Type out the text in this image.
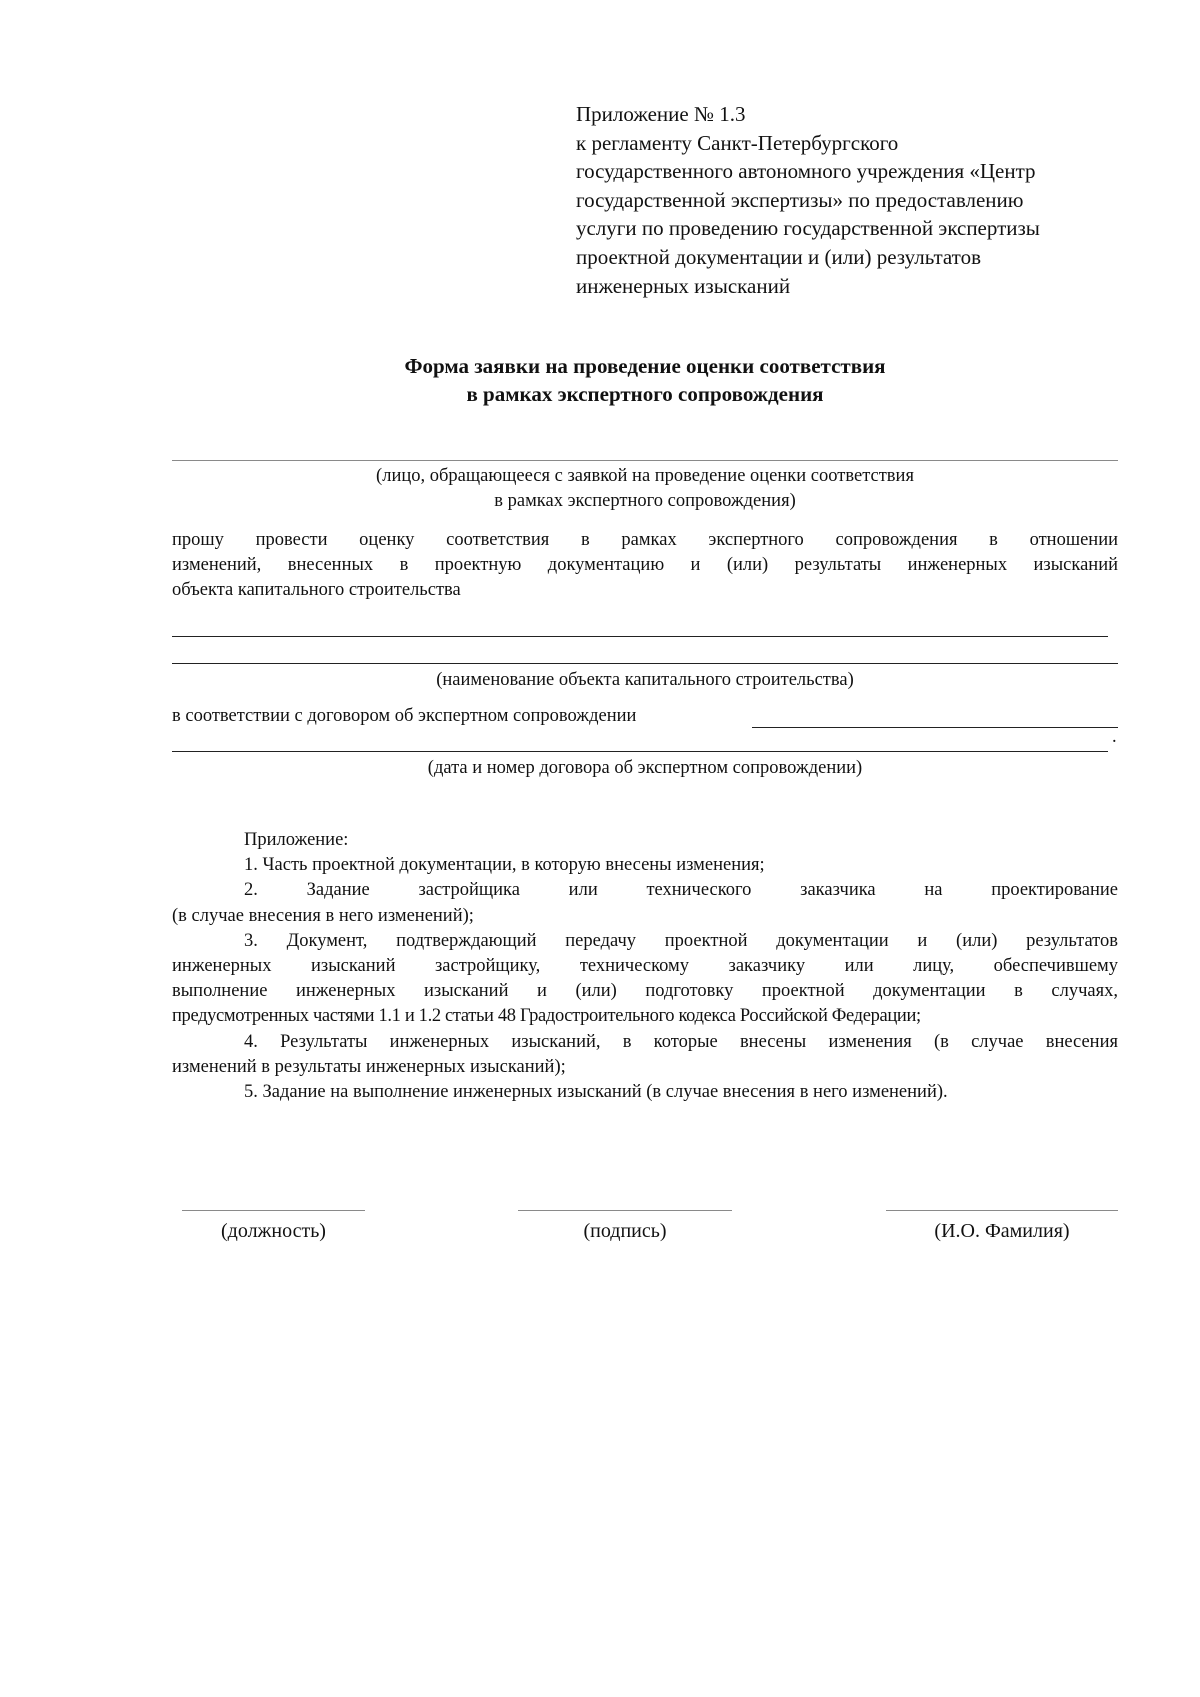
Приложение № 1.3
к регламенту Санкт-Петербургского
государственного автономного учреждения «Центр
государственной экспертизы» по предоставлению
услуги по проведению государственной экспертизы
проектной документации и (или) результатов
инженерных изысканий
Форма заявки на проведение оценки соответствия
в рамках экспертного сопровождения
(лицо, обращающееся с заявкой на проведение оценки соответствия
в рамках экспертного сопровождения)
прошу провести оценку соответствия в рамках экспертного сопровождения в отношении
изменений, внесенных в проектную документацию и (или) результаты инженерных изысканий
объекта капитального строительства
(наименование объекта капитального строительства)
в соответствии с договором об экспертном сопровождении
.
(дата и номер договора об экспертном сопровождении)
Приложение:
1. Часть проектной документации, в которую внесены изменения;
2. Задание застройщика или технического заказчика на проектирование
(в случае внесения в него изменений);
3. Документ, подтверждающий передачу проектной документации и (или) результатов
инженерных изысканий застройщику, техническому заказчику или лицу, обеспечившему
выполнение инженерных изысканий и (или) подготовку проектной документации в случаях,
предусмотренных частями 1.1 и 1.2 статьи 48 Градостроительного кодекса Российской Федерации;
4. Результаты инженерных изысканий, в которые внесены изменения (в случае внесения
изменений в результаты инженерных изысканий);
5. Задание на выполнение инженерных изысканий (в случае внесения в него изменений).
(должность)	(подпись)	(И.О. Фамилия)
